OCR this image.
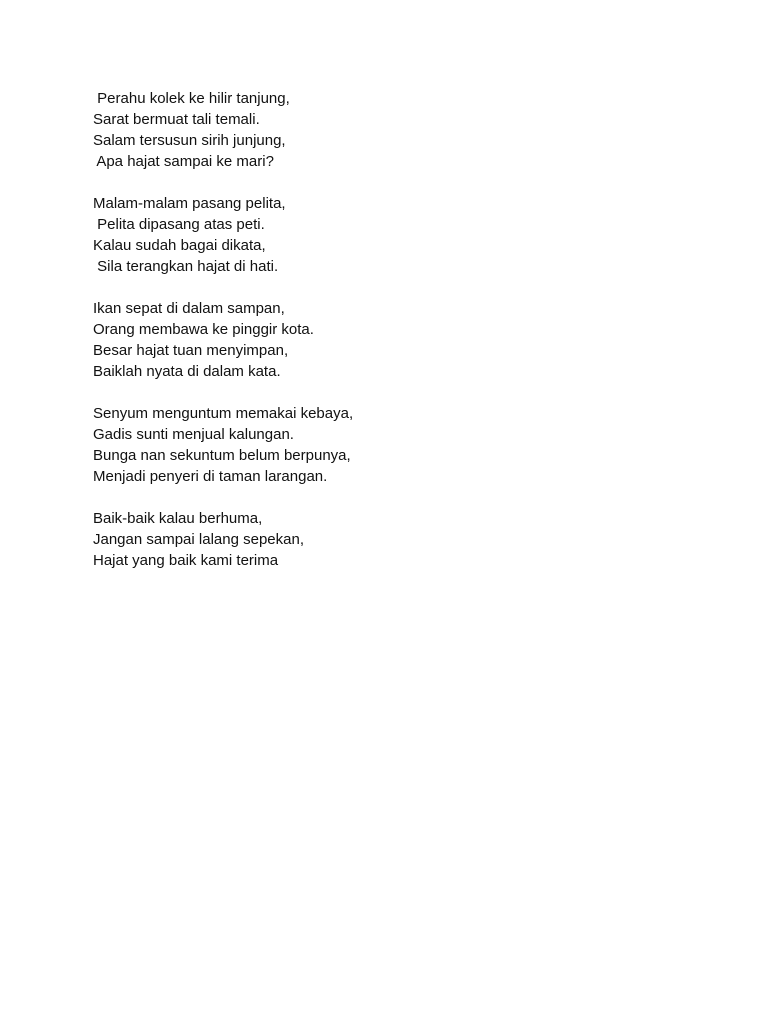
Perahu kolek ke hilir tanjung,
Sarat bermuat tali temali.
Salam tersusun sirih junjung,
Apa hajat sampai ke mari?
Malam-malam pasang pelita,
Pelita dipasang atas peti.
Kalau sudah bagai dikata,
Sila terangkan hajat di hati.
Ikan sepat di dalam sampan,
Orang membawa ke pinggir kota.
Besar hajat tuan menyimpan,
Baiklah nyata di dalam kata.
Senyum menguntum memakai kebaya,
Gadis sunti menjual kalungan.
Bunga nan sekuntum belum berpunya,
Menjadi penyeri di taman larangan.
Baik-baik kalau berhuma,
Jangan sampai lalang sepekan,
Hajat yang baik kami terima
